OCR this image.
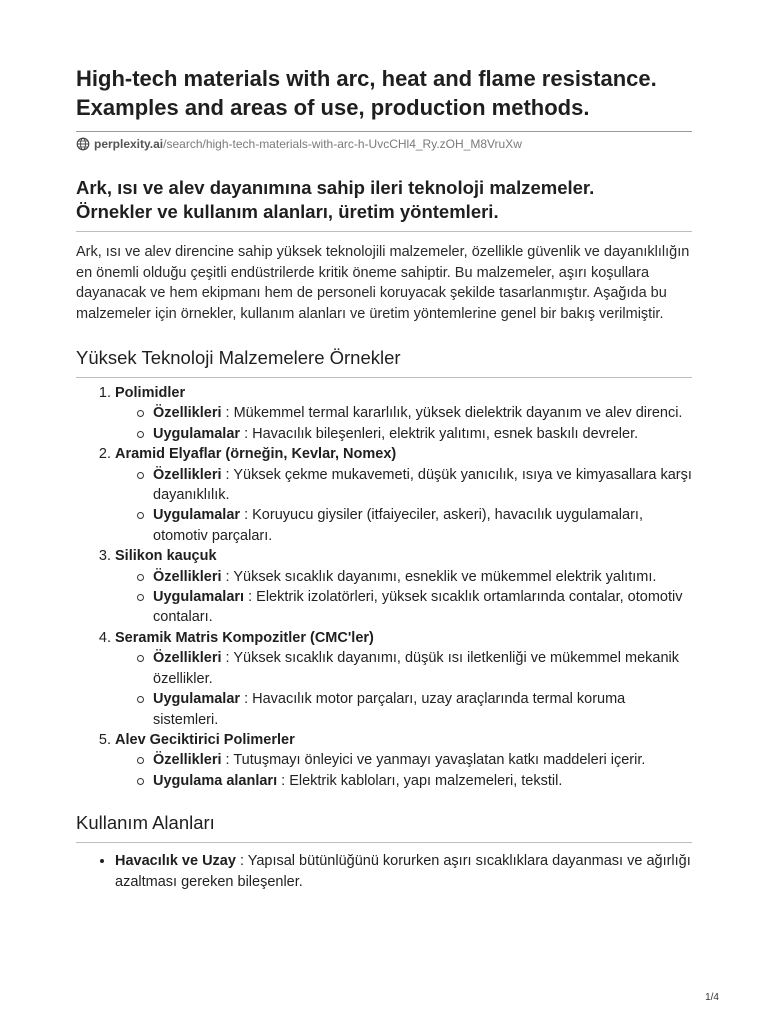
High-tech materials with arc, heat and flame resistance.
Examples and areas of use, production methods.
perplexity.ai /search/high-tech-materials-with-arc-h-UvcCHl4_Ry.zOH_M8VruXw
Ark, ısı ve alev dayanımına sahip ileri teknoloji malzemeler.
Örnekler ve kullanım alanları, üretim yöntemleri.

Ark, ısı ve alev direncine sahip yüksek teknolojili malzemeler, özellikle güvenlik ve dayanıklılığın en önemli olduğu çeşitli endüstrilerde kritik öneme sahiptir. Bu malzemeler, aşırı koşullara dayanacak ve hem ekipmanı hem de personeli koruyacak şekilde tasarlanmıştır. Aşağıda bu malzemeler için örnekler, kullanım alanları ve üretim yöntemlerine genel bir bakış verilmiştir.

Yüksek Teknoloji Malzemelere Örnekler
1. Polimidler
Özellikleri : Mükemmel termal kararlılık, yüksek dielektrik dayanım ve alev direnci.
Uygulamalar : Havacılık bileşenleri, elektrik yalıtımı, esnek baskılı devreler.
2. Aramid Elyaflar (örneğin, Kevlar, Nomex)
Özellikleri : Yüksek çekme mukavemeti, düşük yanıcılık, ısıya ve kimyasallara karşı dayanıklılık.
Uygulamalar : Koruyucu giysiler (itfaiyeciler, askeri), havacılık uygulamaları, otomotiv parçaları.
3. Silikon kauçuk
Özellikleri : Yüksek sıcaklık dayanımı, esneklik ve mükemmel elektrik yalıtımı.
Uygulamaları : Elektrik izolatörleri, yüksek sıcaklık ortamlarında contalar, otomotiv contaları.
4. Seramik Matris Kompozitler (CMC'ler)
Özellikleri : Yüksek sıcaklık dayanımı, düşük ısı iletkenliği ve mükemmel mekanik özellikler.
Uygulamalar : Havacılık motor parçaları, uzay araçlarında termal koruma sistemleri.
5. Alev Geciktirici Polimerler
Özellikleri : Tutuşmayı önleyici ve yanmayı yavaşlatan katkı maddeleri içerir.
Uygulama alanları : Elektrik kabloları, yapı malzemeleri, tekstil.
Kullanım Alanları
• Havacılık ve Uzay : Yapısal bütünlüğünü korurken aşırı sıcaklıklara dayanması ve ağırlığı azaltması gereken bileşenler.
1/4
